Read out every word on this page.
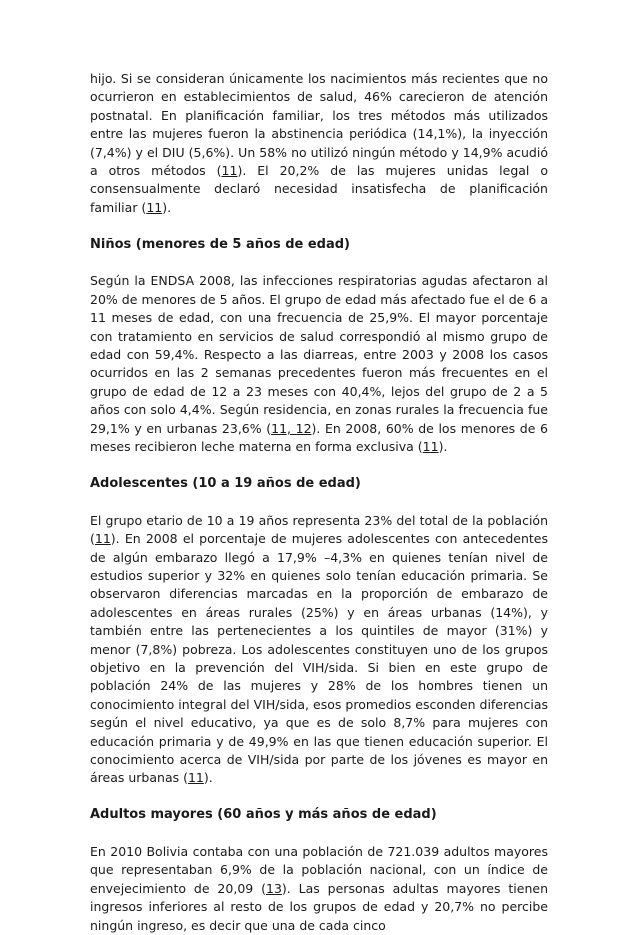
hijo. Si se consideran únicamente los nacimientos más recientes que no ocurrieron en establecimientos de salud, 46% carecieron de atención postnatal. En planificación familiar, los tres métodos más utilizados entre las mujeres fueron la abstinencia periódica (14,1%), la inyección (7,4%) y el DIU (5,6%). Un 58% no utilizó ningún método y 14,9% acudió a otros métodos (11). El 20,2% de las mujeres unidas legal o consensualmente declaró necesidad insatisfecha de planificación familiar (11).

Niños (menores de 5 años de edad)

Según la ENDSA 2008, las infecciones respiratorias agudas afectaron al 20% de menores de 5 años. El grupo de edad más afectado fue el de 6 a 11 meses de edad, con una frecuencia de 25,9%. El mayor porcentaje con tratamiento en servicios de salud correspondió al mismo grupo de edad con 59,4%. Respecto a las diarreas, entre 2003 y 2008 los casos ocurridos en las 2 semanas precedentes fueron más frecuentes en el grupo de edad de 12 a 23 meses con 40,4%, lejos del grupo de 2 a 5 años con solo 4,4%. Según residencia, en zonas rurales la frecuencia fue 29,1% y en urbanas 23,6% (11, 12). En 2008, 60% de los menores de 6 meses recibieron leche materna en forma exclusiva (11).

Adolescentes (10 a 19 años de edad)

El grupo etario de 10 a 19 años representa 23% del total de la población (11). En 2008 el porcentaje de mujeres adolescentes con antecedentes de algún embarazo llegó a 17,9% –4,3% en quienes tenían nivel de estudios superior y 32% en quienes solo tenían educación primaria. Se observaron diferencias marcadas en la proporción de embarazo de adolescentes en áreas rurales (25%) y en áreas urbanas (14%), y también entre las pertenecientes a los quintiles de mayor (31%) y menor (7,8%) pobreza. Los adolescentes constituyen uno de los grupos objetivo en la prevención del VIH/sida. Si bien en este grupo de población 24% de las mujeres y 28% de los hombres tienen un conocimiento integral del VIH/sida, esos promedios esconden diferencias según el nivel educativo, ya que es de solo 8,7% para mujeres con educación primaria y de 49,9% en las que tienen educación superior. El conocimiento acerca de VIH/sida por parte de los jóvenes es mayor en áreas urbanas (11).

Adultos mayores (60 años y más años de edad)

En 2010 Bolivia contaba con una población de 721.039 adultos mayores que representaban 6,9% de la población nacional, con un índice de envejecimiento de 20,09 (13). Las personas adultas mayores tienen ingresos inferiores al resto de los grupos de edad y 20,7% no percibe ningún ingreso, es decir que una de cada cinco
